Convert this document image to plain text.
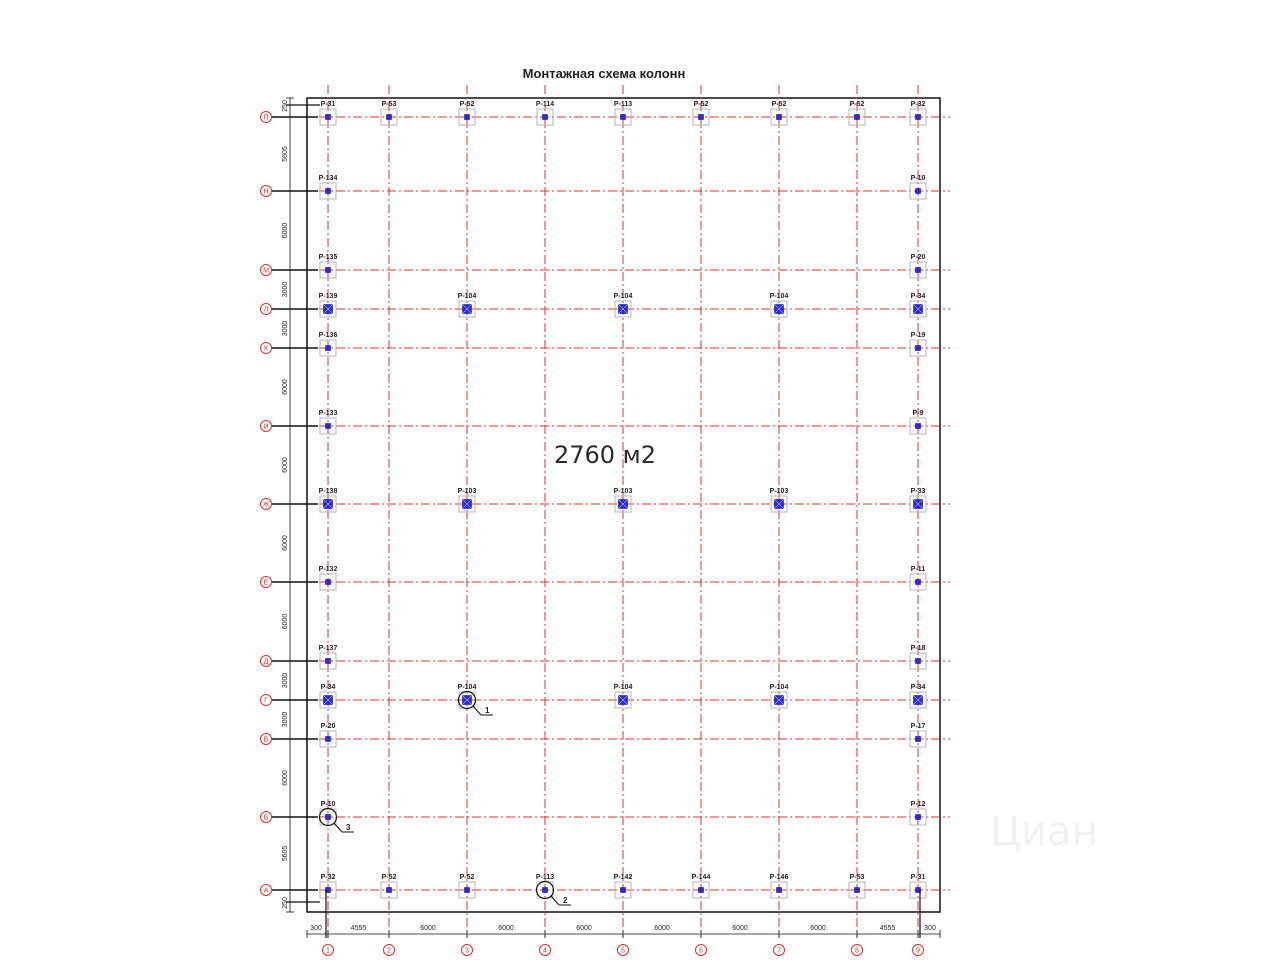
Циан
Монтажная схема колонн
300	4555	6000	6000	6000	6000	6000	6000	4555	300
250
5605
6000
3000
3000
6000
6000
6000
6000
3000
3000
6000
5605
250
Р-31	Р-53	Р-52	Р-114	Р-113	Р-52	Р-52	Р-52	Р-32
Р-134	Р-10
Р-135	Р-20
Р-139	Р-104	Р-104	Р-104	Р-34
Р-136	Р-19
Р-133	Р-9
Р-138	Р-103	Р-103	Р-103	Р-33
Р-132	Р-11
Р-137	Р-18
Р-34	Р-104	Р-104	Р-104	Р-34
Р-20	Р-17
Р-10	Р-12
Р-32	Р-52	Р-52	Р-113	Р-142	Р-144	Р-146	Р-53	Р-31
1
2
3
1	2	3	4	5	6	7	8	9
П
Н
М
Л
К
И
Ж
Е
Д
Г
В
Б
А
2760 м2
